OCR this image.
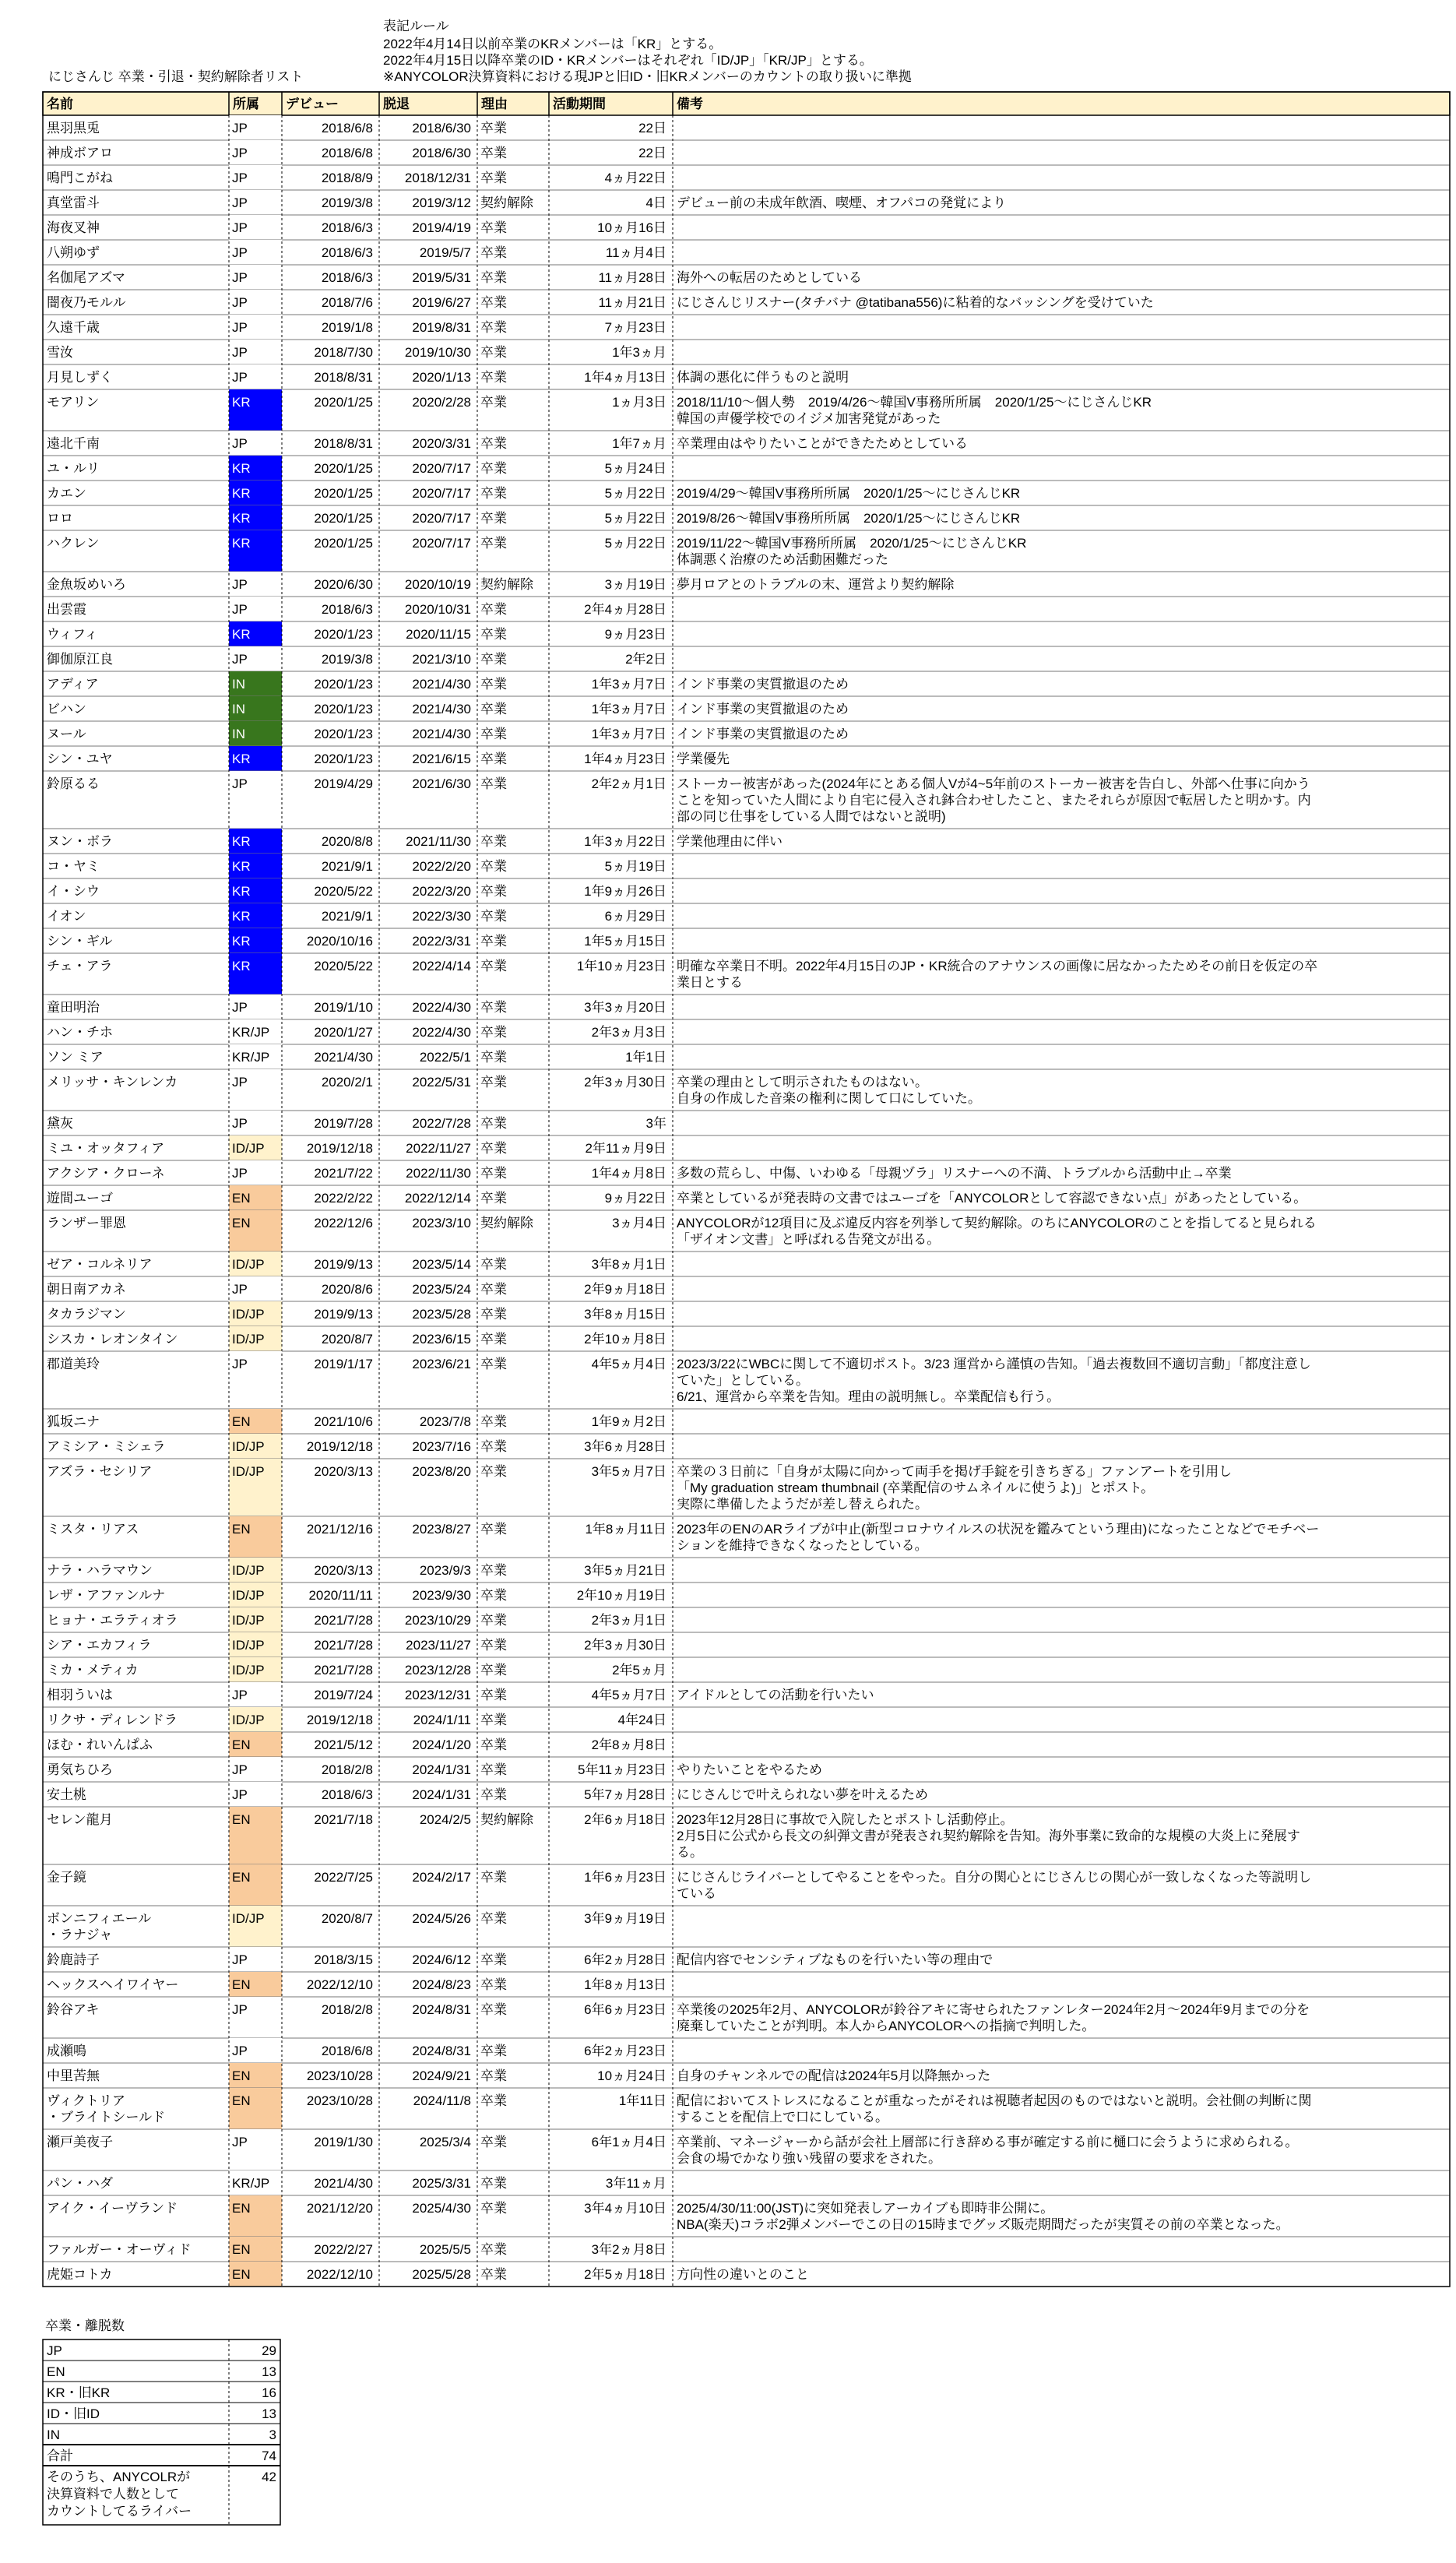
表記ルール
2022年4月14日以前卒業のKRメンバーは「KR」とする。
2022年4月15日以降卒業のID・KRメンバーはそれぞれ「ID/JP」「KR/JP」とする。
※ANYCOLOR決算資料における現JPと旧ID・旧KRメンバーのカウントの取り扱いに準拠
にじさんじ 卒業・引退・契約解除者リスト
名前	所属 デビュー	脱退	理由	活動期間	備考
黒羽黒兎	JP	2018/6/8	2018/6/30 卒業	22日
神成ボアロ	JP	2018/6/8	2018/6/30 卒業	22日
鳴門こがね	JP	2018/8/9 2018/12/31 卒業	4ヵ月22日
真堂雷斗	JP	2019/3/8	2019/3/12 契約解除	4日 デビュー前の未成年飲酒、喫煙、オフパコの発覚により
海夜叉神	JP	2018/6/3	2019/4/19 卒業	10ヵ月16日
八朔ゆず	JP	2018/6/3	2019/5/7 卒業	11ヵ月4日
名伽尾アズマ	JP	2018/6/3	2019/5/31 卒業	11ヵ月28日 海外への転居のためとしている
闇夜乃モルル	JP	2018/7/6	2019/6/27 卒業	11ヵ月21日 にじさんじリスナー(タチバナ @tatibana556)に粘着的なバッシングを受けていた
久遠千歳	JP	2019/1/8	2019/8/31 卒業	7ヵ月23日
雪汝	JP	2018/7/30 2019/10/30 卒業	1年3ヵ月
月見しずく	JP	2018/8/31	2020/1/13 卒業	1年4ヵ月13日 体調の悪化に伴うものと説明
モアリン	KR	2020/1/25	2020/2/28 卒業	1ヵ月3日 2018/11/10〜個人勢　2019/4/26〜韓国V事務所所属　2020/1/25〜にじさんじKR
韓国の声優学校でのイジメ加害発覚があった
遠北千南	JP	2018/8/31	2020/3/31 卒業	1年7ヵ月 卒業理由はやりたいことができたためとしている
ユ・ルリ	KR	2020/1/25	2020/7/17 卒業	5ヵ月24日
カエン	KR	2020/1/25	2020/7/17 卒業	5ヵ月22日 2019/4/29〜韓国V事務所所属　2020/1/25〜にじさんじKR
ロロ	KR	2020/1/25	2020/7/17 卒業	5ヵ月22日 2019/8/26〜韓国V事務所所属　2020/1/25〜にじさんじKR
ハクレン	KR	2020/1/25	2020/7/17 卒業	5ヵ月22日 2019/11/22〜韓国V事務所所属　2020/1/25〜にじさんじKR
体調悪く治療のため活動困難だった
金魚坂めいろ	JP	2020/6/30 2020/10/19 契約解除	3ヵ月19日 夢月ロアとのトラブルの末、運営より契約解除
出雲霞	JP	2018/6/3 2020/10/31 卒業	2年4ヵ月28日
ウィフィ	KR	2020/1/23 2020/11/15 卒業	9ヵ月23日
御伽原江良	JP	2019/3/8	2021/3/10 卒業	2年2日
アディア	IN	2020/1/23	2021/4/30 卒業	1年3ヵ月7日 インド事業の実質撤退のため
ビハン	IN	2020/1/23	2021/4/30 卒業	1年3ヵ月7日 インド事業の実質撤退のため
ヌール	IN	2020/1/23	2021/4/30 卒業	1年3ヵ月7日 インド事業の実質撤退のため
シン・ユヤ	KR	2020/1/23	2021/6/15 卒業	1年4ヵ月23日 学業優先
鈴原るる	JP	2019/4/29	2021/6/30 卒業	2年2ヵ月1日 ストーカー被害があった(2024年にとある個人Vが4~5年前のストーカー被害を告白し、外部へ仕事に向かう
ことを知っていた人間により自宅に侵入され鉢合わせしたこと、またそれらが原因で転居したと明かす。内
部の同じ仕事をしている人間ではないと説明)
ヌン・ボラ	KR	2020/8/8 2021/11/30 卒業	1年3ヵ月22日 学業他理由に伴い
コ・ヤミ	KR	2021/9/1	2022/2/20 卒業	5ヵ月19日
イ・シウ	KR	2020/5/22	2022/3/20 卒業	1年9ヵ月26日
イオン	KR	2021/9/1	2022/3/30 卒業	6ヵ月29日
シン・ギル	KR	2020/10/16	2022/3/31 卒業	1年5ヵ月15日
チェ・アラ	KR	2020/5/22	2022/4/14 卒業	1年10ヵ月23日 明確な卒業日不明。2022年4月15日のJP・KR統合のアナウンスの画像に居なかったためその前日を仮定の卒
業日とする
童田明治	JP	2019/1/10	2022/4/30 卒業	3年3ヵ月20日
ハン・チホ	KR/JP	2020/1/27	2022/4/30 卒業	2年3ヵ月3日
ソン ミア	KR/JP	2021/4/30	2022/5/1 卒業	1年1日
メリッサ・キンレンカ	JP	2020/2/1	2022/5/31 卒業	2年3ヵ月30日 卒業の理由として明示されたものはない。
自身の作成した音楽の権利に関して口にしていた。
黛灰	JP	2019/7/28	2022/7/28 卒業	3年
ミユ・オッタフィア	ID/JP	2019/12/18 2022/11/27 卒業	2年11ヵ月9日
アクシア・クローネ	JP	2021/7/22 2022/11/30 卒業	1年4ヵ月8日 多数の荒らし、中傷、いわゆる「母親ヅラ」リスナーへの不満、トラブルから活動中止→卒業
遊間ユーゴ	EN	2022/2/22 2022/12/14 卒業	9ヵ月22日 卒業としているが発表時の文書ではユーゴを「ANYCOLORとして容認できない点」があったとしている。
ランザー罪恩	EN	2022/12/6	2023/3/10 契約解除	3ヵ月4日 ANYCOLORが12項目に及ぶ違反内容を列挙して契約解除。のちにANYCOLORのことを指してると見られる
「ザイオン文書」と呼ばれる告発文が出る。
ゼア・コルネリア	ID/JP	2019/9/13	2023/5/14 卒業	3年8ヵ月1日
朝日南アカネ	JP	2020/8/6	2023/5/24 卒業	2年9ヵ月18日
タカラジマン	ID/JP	2019/9/13	2023/5/28 卒業	3年8ヵ月15日
シスカ・レオンタイン	ID/JP	2020/8/7	2023/6/15 卒業	2年10ヵ月8日
郡道美玲	JP	2019/1/17	2023/6/21 卒業	4年5ヵ月4日 2023/3/22にWBCに関して不適切ポスト。3/23 運営から謹慎の告知。「過去複数回不適切言動」「都度注意し
ていた」としている。
6/21、運営から卒業を告知。理由の説明無し。卒業配信も行う。
狐坂ニナ	EN	2021/10/6	2023/7/8 卒業	1年9ヵ月2日
アミシア・ミシェラ	ID/JP	2019/12/18	2023/7/16 卒業	3年6ヵ月28日
アズラ・セシリア	ID/JP	2020/3/13	2023/8/20 卒業	3年5ヵ月7日 卒業の３日前に「自身が太陽に向かって両手を掲げ手錠を引きちぎる」ファンアートを引用し
「My graduation stream thumbnail (卒業配信のサムネイルに使うよ)」とポスト。
実際に準備したようだが差し替えられた。
ミスタ・リアス	EN	2021/12/16	2023/8/27 卒業	1年8ヵ月11日 2023年のENのARライブが中止(新型コロナウイルスの状況を鑑みてという理由)になったことなどでモチベー
ションを維持できなくなったとしている。
ナラ・ハラマウン	ID/JP	2020/3/13	2023/9/3 卒業	3年5ヵ月21日
レザ・アファンルナ	ID/JP	2020/11/11	2023/9/30 卒業	2年10ヵ月19日
ヒョナ・エラティオラ	ID/JP	2021/7/28 2023/10/29 卒業	2年3ヵ月1日
シア・エカフィラ	ID/JP	2021/7/28 2023/11/27 卒業	2年3ヵ月30日
ミカ・メティカ	ID/JP	2021/7/28 2023/12/28 卒業	2年5ヵ月
相羽ういは	JP	2019/7/24 2023/12/31 卒業	4年5ヵ月7日 アイドルとしての活動を行いたい
リクサ・ディレンドラ	ID/JP	2019/12/18	2024/1/11 卒業	4年24日
ほむ・れいんぱふ	EN	2021/5/12	2024/1/20 卒業	2年8ヵ月8日
勇気ちひろ	JP	2018/2/8	2024/1/31 卒業	5年11ヵ月23日 やりたいことをやるため
安土桃	JP	2018/6/3	2024/1/31 卒業	5年7ヵ月28日 にじさんじで叶えられない夢を叶えるため
セレン龍月	EN	2021/7/18	2024/2/5 契約解除	2年6ヵ月18日 2023年12月28日に事故で入院したとポストし活動停止。
2月5日に公式から長文の糾弾文書が発表され契約解除を告知。海外事業に致命的な規模の大炎上に発展す
る。
金子鏡	EN	2022/7/25	2024/2/17 卒業	1年6ヵ月23日 にじさんじライバーとしてやることをやった。自分の関心とにじさんじの関心が一致しなくなった等説明し
ている
ボンニフィエール
・ラナジャ
ID/JP	2020/8/7	2024/5/26 卒業	3年9ヵ月19日
鈴鹿詩子	JP	2018/3/15	2024/6/12 卒業	6年2ヵ月28日 配信内容でセンシティブなものを行いたい等の理由で
ヘックスヘイワイヤー	EN	2022/12/10	2024/8/23 卒業	1年8ヵ月13日
鈴谷アキ	JP	2018/2/8	2024/8/31 卒業	6年6ヵ月23日 卒業後の2025年2月、ANYCOLORが鈴谷アキに寄せられたファンレター2024年2月〜2024年9月までの分を
廃棄していたことが判明。本人からANYCOLORへの指摘で判明した。
成瀬鳴	JP	2018/6/8	2024/8/31 卒業	6年2ヵ月23日
中里苦無	EN	2023/10/28	2024/9/21 卒業	10ヵ月24日 自身のチャンネルでの配信は2024年5月以降無かった
ヴィクトリア
・ブライトシールド
EN	2023/10/28	2024/11/8 卒業	1年11日 配信においてストレスになることが重なったがそれは視聴者起因のものではないと説明。会社側の判断に関
することを配信上で口にしている。
瀬戸美夜子	JP	2019/1/30	2025/3/4 卒業	6年1ヵ月4日 卒業前、マネージャーから話が会社上層部に行き辞める事が確定する前に樋口に会うように求められる。
会食の場でかなり強い残留の要求をされた。
パン・ハダ	KR/JP	2021/4/30	2025/3/31 卒業	3年11ヵ月
アイク・イーヴランド	EN	2021/12/20	2025/4/30 卒業	3年4ヵ月10日 2025/4/30/11:00(JST)に突如発表しアーカイブも即時非公開に。
NBA(楽天)コラボ2弾メンバーでこの日の15時までグッズ販売期間だったが実質その前の卒業となった。
ファルガー・オーヴィド	EN	2022/2/27	2025/5/5 卒業	3年2ヵ月8日
虎姫コトカ	EN	2022/12/10	2025/5/28 卒業	2年5ヵ月18日 方向性の違いとのこと
卒業・離脱数
JP	29
EN	13
KR・旧KR	16
ID・旧ID	13
IN	3
合計	74
そのうち、ANYCOLRが
決算資料で人数として
カウントしてるライバー
42
